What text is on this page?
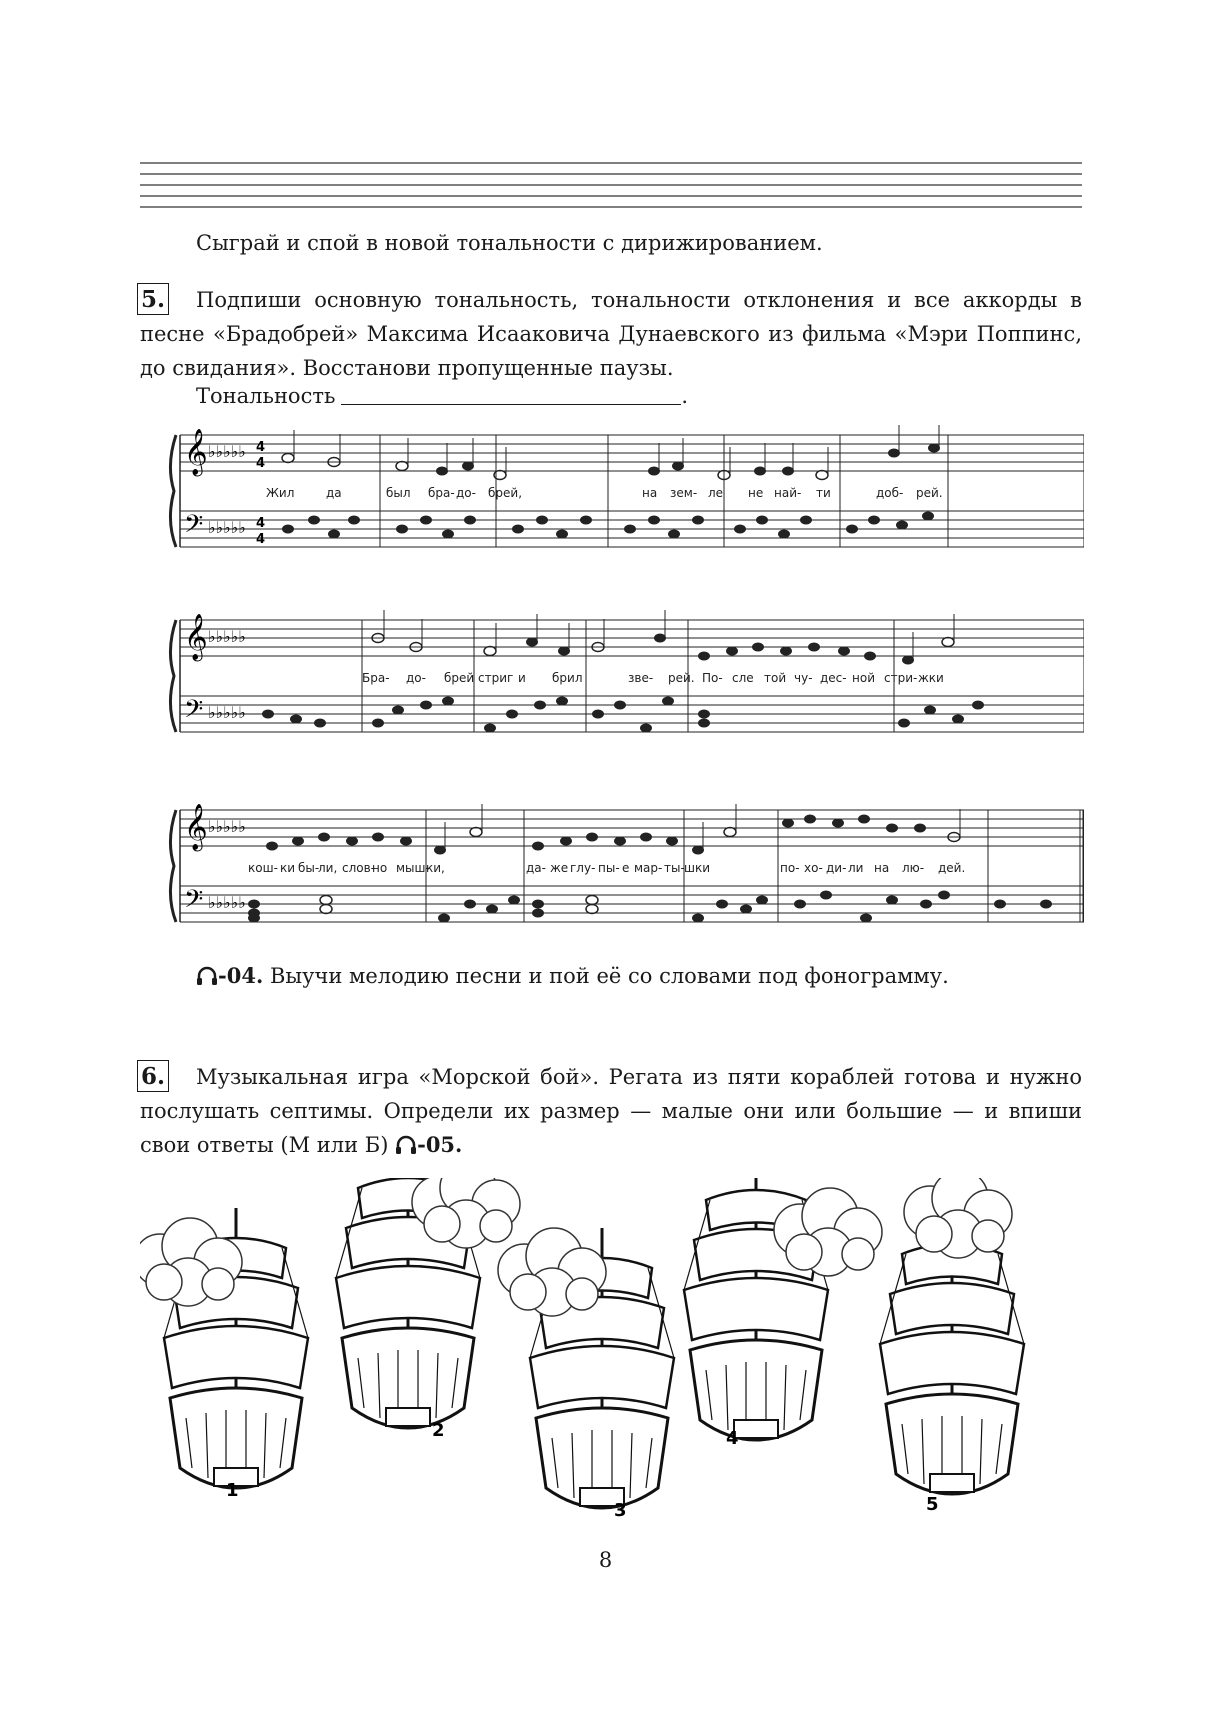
Сыграй и спой в новой тональности с дирижированием.
5.	Подпиши основную тональность, тональности отклонения и все аккорды в песне «Брадобрей» Максима Исааковича Дунаевского из фильма «Мэри Поппинс, до свидания». Восстанови пропущенные паузы.
Тональность	.
𝄞
𝄢
♭♭♭♭♭
♭♭♭♭♭
4
4
4
4
Жил	да	был бра- до- брей,	на зем- ле не най- ти	доб- рей.
𝄞
𝄢
♭♭♭♭♭
♭♭♭♭♭
Бра- до- брей стриг и брил	зве- рей. По- сле той чу- дес- ной стри- жки
𝄞
𝄢
♭♭♭♭♭
♭♭♭♭♭
кош- ки бы-
ли, слов-
но мыш-
ки,	да- же глу- пы- е мар- ты- шки	по- хо- ди- ли на лю- дей.
-04. Выучи мелодию песни и пой её со словами под фонограмму.
6.	Музыкальная игра «Морской бой». Регата из пяти кораблей готова и нужно послушать септимы. Определи их размер — малые они или большие — и впиши свои ответы (М или Б) -05.
1
2
3
4
5
8
